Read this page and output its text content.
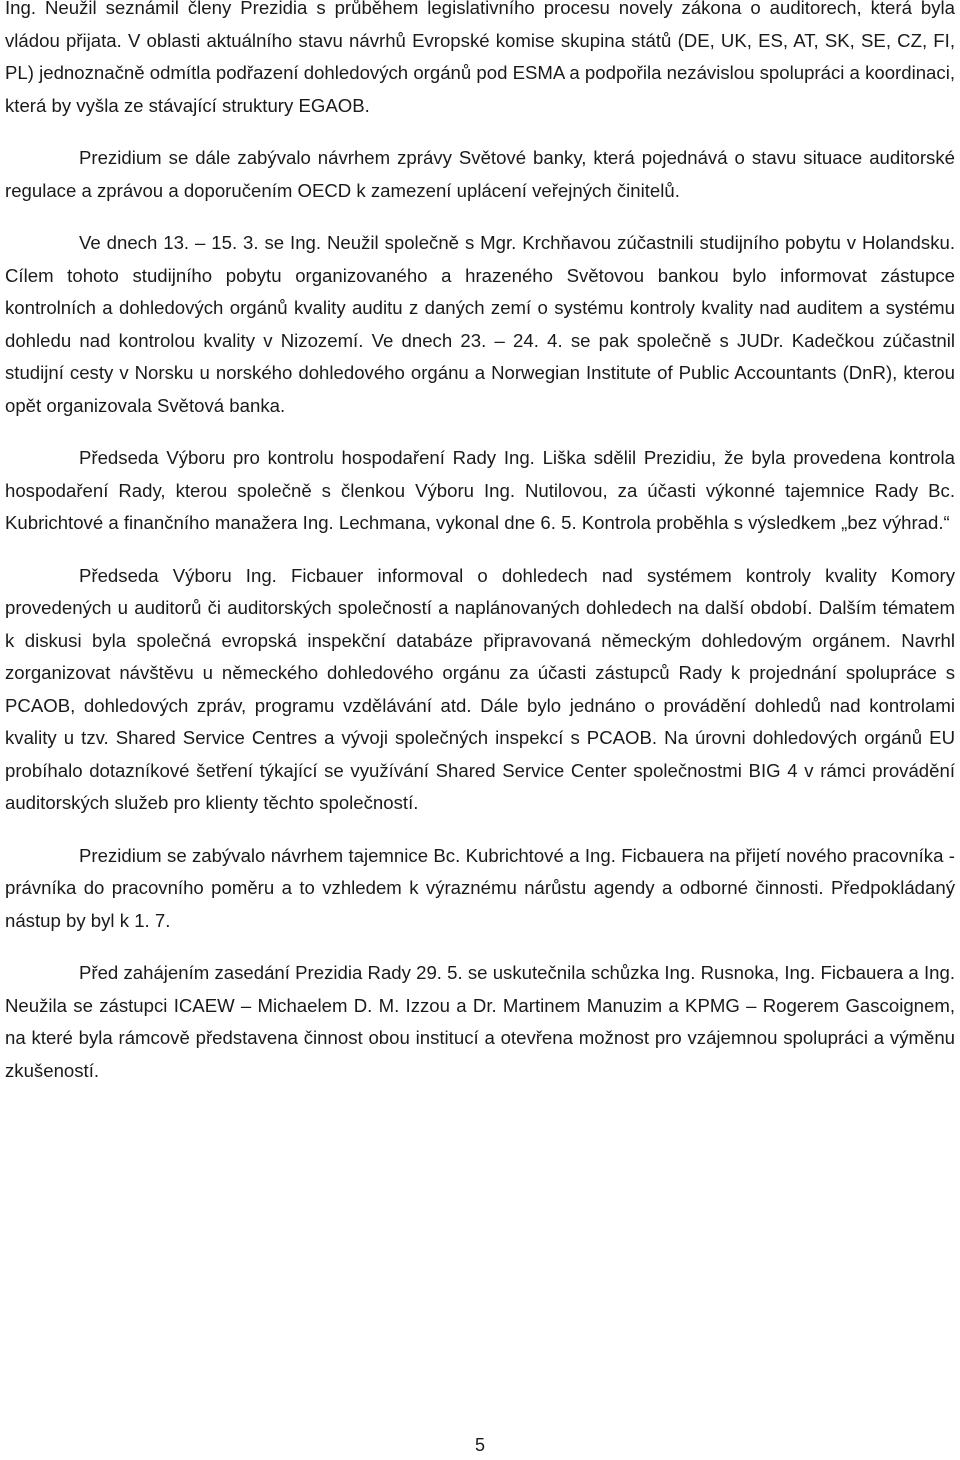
Ing. Neužil seznámil členy Prezidia s průběhem legislativního procesu novely zákona o auditorech, která byla vládou přijata. V oblasti aktuálního stavu návrhů Evropské komise skupina států (DE, UK, ES, AT, SK, SE, CZ, FI, PL) jednoznačně odmítla podřazení dohledových orgánů pod ESMA a podpořila nezávislou spolupráci a koordinaci, která by vyšla ze stávající struktury EGAOB.

Prezidium se dále zabývalo návrhem zprávy Světové banky, která pojednává o stavu situace auditorské regulace a zprávou a doporučením OECD k zamezení uplácení veřejných činitelů.

Ve dnech 13. ‒ 15. 3. se Ing. Neužil společně s Mgr. Krchňavou zúčastnili studijního pobytu v Holandsku. Cílem tohoto studijního pobytu organizovaného a hrazeného Světovou bankou bylo informovat zástupce kontrolních a dohledových orgánů kvality auditu z daných zemí o systému kontroly kvality nad auditem a systému dohledu nad kontrolou kvality v Nizozemí. Ve dnech 23. ‒ 24. 4. se pak společně s JUDr. Kadečkou zúčastnil studijní cesty v Norsku u norského dohledového orgánu a Norwegian Institute of Public Accountants (DnR), kterou opět organizovala Světová banka.

Předseda Výboru pro kontrolu hospodaření Rady Ing. Liška sdělil Prezidiu, že byla provedena kontrola hospodaření Rady, kterou společně s členkou Výboru Ing. Nutilovou, za účasti výkonné tajemnice Rady Bc. Kubrichtové a finančního manažera Ing. Lechmana, vykonal dne 6. 5. Kontrola proběhla s výsledkem „bez výhrad.“

Předseda Výboru Ing. Ficbauer informoval o dohledech nad systémem kontroly kvality Komory provedených u auditorů či auditorských společností a naplánovaných dohledech na další období. Dalším tématem k diskusi byla společná evropská inspekční databáze připravovaná německým dohledovým orgánem. Navrhl zorganizovat návštěvu u německého dohledového orgánu za účasti zástupců Rady k projednání spolupráce s PCAOB, dohledových zpráv, programu vzdělávání atd. Dále bylo jednáno o provádění dohledů nad kontrolami kvality u tzv. Shared Service Centres a vývoji společných inspekcí s PCAOB. Na úrovni dohledových orgánů EU probíhalo dotazníkové šetření týkající se využívání Shared Service Center společnostmi BIG 4 v rámci provádění auditorských služeb pro klienty těchto společností.

Prezidium se zabývalo návrhem tajemnice Bc. Kubrichtové a Ing. Ficbauera na přijetí nového pracovníka - právníka do pracovního poměru a to vzhledem k výraznému nárůstu agendy a odborné činnosti. Předpokládaný nástup by byl k 1. 7.

Před zahájením zasedání Prezidia Rady 29. 5. se uskutečnila schůzka Ing. Rusnoka, Ing. Ficbauera a Ing. Neužila se zástupci ICAEW ‒ Michaelem D. M. Izzou a Dr. Martinem Manuzim a KPMG ‒ Rogerem Gascoignem, na které byla rámcově představena činnost obou institucí a otevřena možnost pro vzájemnou spolupráci a výměnu zkušeností.

5
